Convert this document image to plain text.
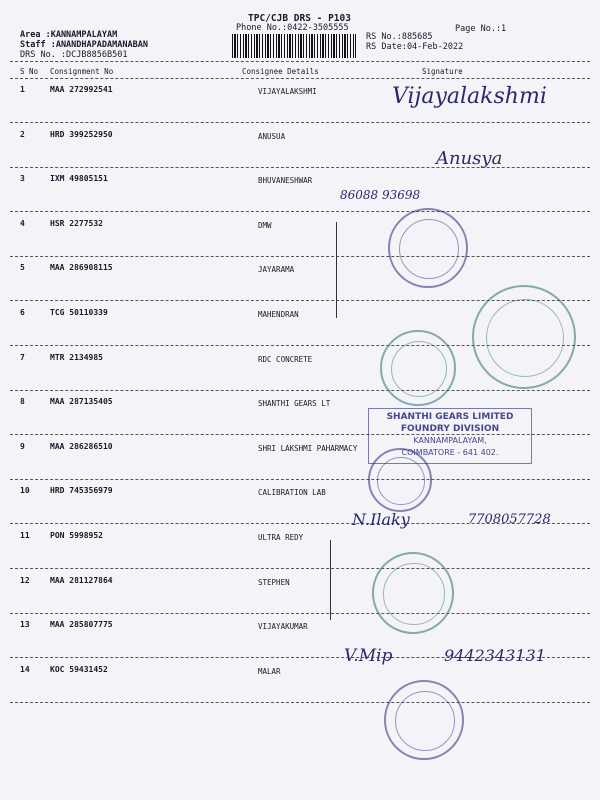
TPC/CJB DRS - P103
Phone No.:0422-3505555
Area :KANNAMPALAYAM
Staff :ANANDHAPADAMANABAN
DRS No. :DCJB8856B501
Page No.:1
RS No.:885685
RS Date:04-Feb-2022
S No Consignment No	Consignee Details	Signature
1	MAA 272992541	VIJAYALAKSHMI
2	HRD 399252950	ANUSUA
3	IXM 49805151	BHUVANESHWAR
4	HSR 2277532	DMW
5	MAA 286908115	JAYARAMA
6	TCG 50110339	MAHENDRAN
7	MTR 2134985	RDC CONCRETE
8	MAA 287135405	SHANTHI GEARS LT
9	MAA 286286510	SHRI LAKSHMI PAHARMACY
10	HRD 745356979	CALIBRATION LAB
11	PON 5998952	ULTRA REDY
12	MAA 281127864	STEPHEN
13	MAA 285807775	VIJAYAKUMAR
14	KOC 59431452	MALAR
Vijayalakshmi
Anusya
86088 93698
SHANTHI GEARS LIMITED
FOUNDRY DIVISION
KANNAMPALAYAM,
COIMBATORE - 641 402.
N.Ilaky	7708057728
V.Mip	9442343131
